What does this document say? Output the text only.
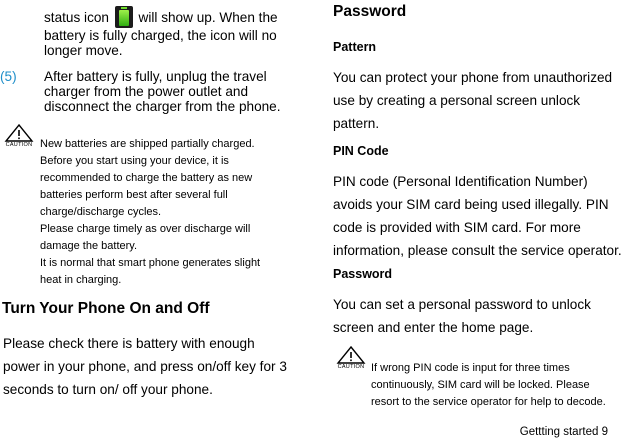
status icon will show up. When the battery is fully charged, the icon will no longer move.

(5) After battery is fully, unplug the travel charger from the power outlet and disconnect the charger from the phone.

CAUTION New batteries are shipped partially charged.
Before you start using your device, it is
recommended to charge the battery as new
batteries perform best after several full
charge/discharge cycles.
Please charge timely as over discharge will
damage the battery.
It is normal that smart phone generates slight
heat in charging.
Turn Your Phone On and Off

Please check there is battery with enough power in your phone, and press on/off key for 3 seconds to turn on/ off your phone.

Password
Pattern

You can protect your phone from unauthorized use by creating a personal screen unlock pattern.

PIN Code

PIN code (Personal Identification Number) avoids your SIM card being used illegally. PIN code is provided with SIM card. For more information, please consult the service operator.

Password

You can set a personal password to unlock screen and enter the home page.

CAUTION If wrong PIN code is input for three times
continuously, SIM card will be locked. Please
resort to the service operator for help to decode.
Gettting started 9
